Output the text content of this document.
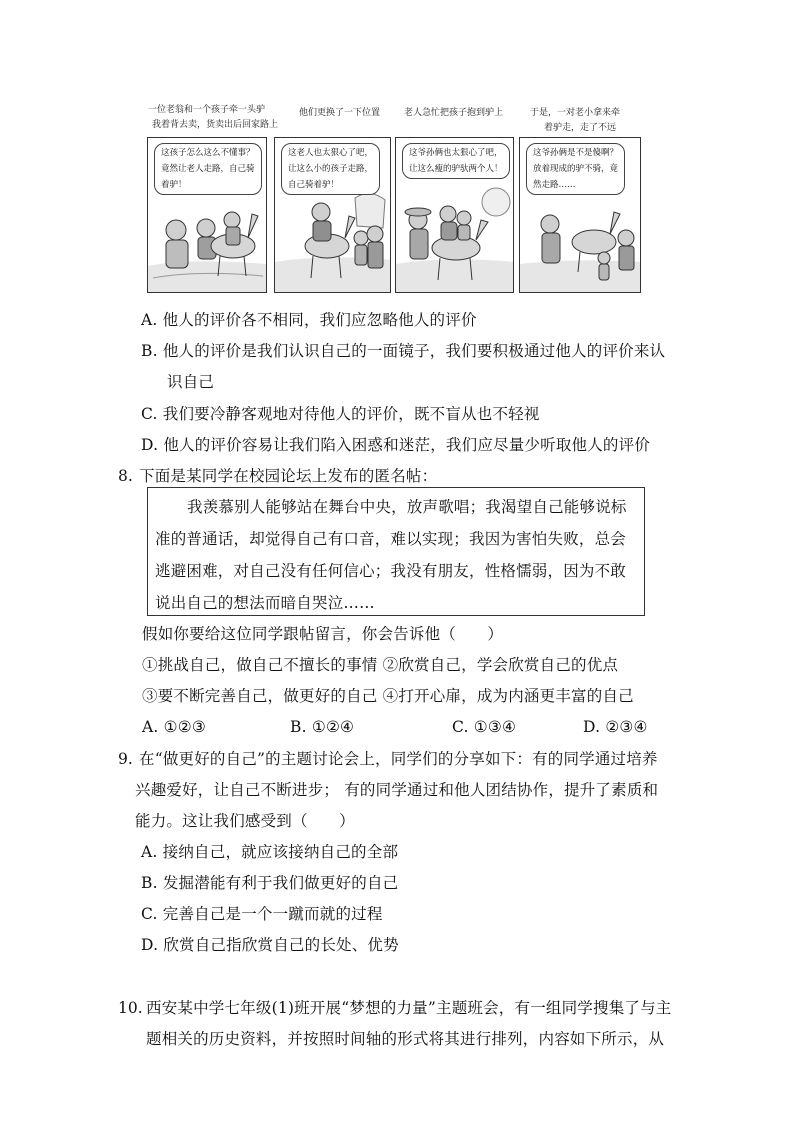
一位老翁和一个孩子牵一头驴
我着背去卖，货卖出后回家路上
他们更换了一下位置	老人急忙把孩子抱到驴上	于是，一对老小拿来牵
着驴走，走了不远
这孩子怎么这么不懂事？
竟然让老人走路，自己骑
着驴！
这老人也太狠心了吧，
让这么小的孩子走路，
自己骑着驴！
这爷孙俩也太狠心了吧，
让这么瘦的驴驮两个人！
这爷孙俩是不是傻啊？
放着现成的驴不骑，竟
然走路……
A. 他人的评价各不相同，我们应忽略他人的评价
B. 他人的评价是我们认识自己的一面镜子，我们要积极通过他人的评价来认
识自己
C. 我们要冷静客观地对待他人的评价，既不盲从也不轻视
D. 他人的评价容易让我们陷入困惑和迷茫，我们应尽量少听取他人的评价
8. 下面是某同学在校园论坛上发布的匿名帖：
我羡慕别人能够站在舞台中央，放声歌唱；我渴望自己能够说标
准的普通话，却觉得自己有口音，难以实现；我因为害怕失败，总会
逃避困难，对自己没有任何信心；我没有朋友，性格懦弱，因为不敢
说出自己的想法而暗自哭泣……
假如你要给这位同学跟帖留言，你会告诉他（　　）
①挑战自己，做自己不擅长的事情 ②欣赏自己，学会欣赏自己的优点
③要不断完善自己，做更好的自己 ④打开心扉，成为内涵更丰富的自己
A. ①②③	B. ①②④	C. ①③④	D. ②③④
9. 在“做更好的自己”的主题讨论会上，同学们的分享如下：有的同学通过培养
兴趣爱好，让自己不断进步； 有的同学通过和他人团结协作，提升了素质和
能力。这让我们感受到（　　）
A. 接纳自己，就应该接纳自己的全部
B. 发掘潜能有利于我们做更好的自己
C. 完善自己是一个一蹴而就的过程
D. 欣赏自己指欣赏自己的长处、优势
10. 西安某中学七年级(1)班开展“梦想的力量”主题班会，有一组同学搜集了与主
题相关的历史资料，并按照时间轴的形式将其进行排列，内容如下所示，从
